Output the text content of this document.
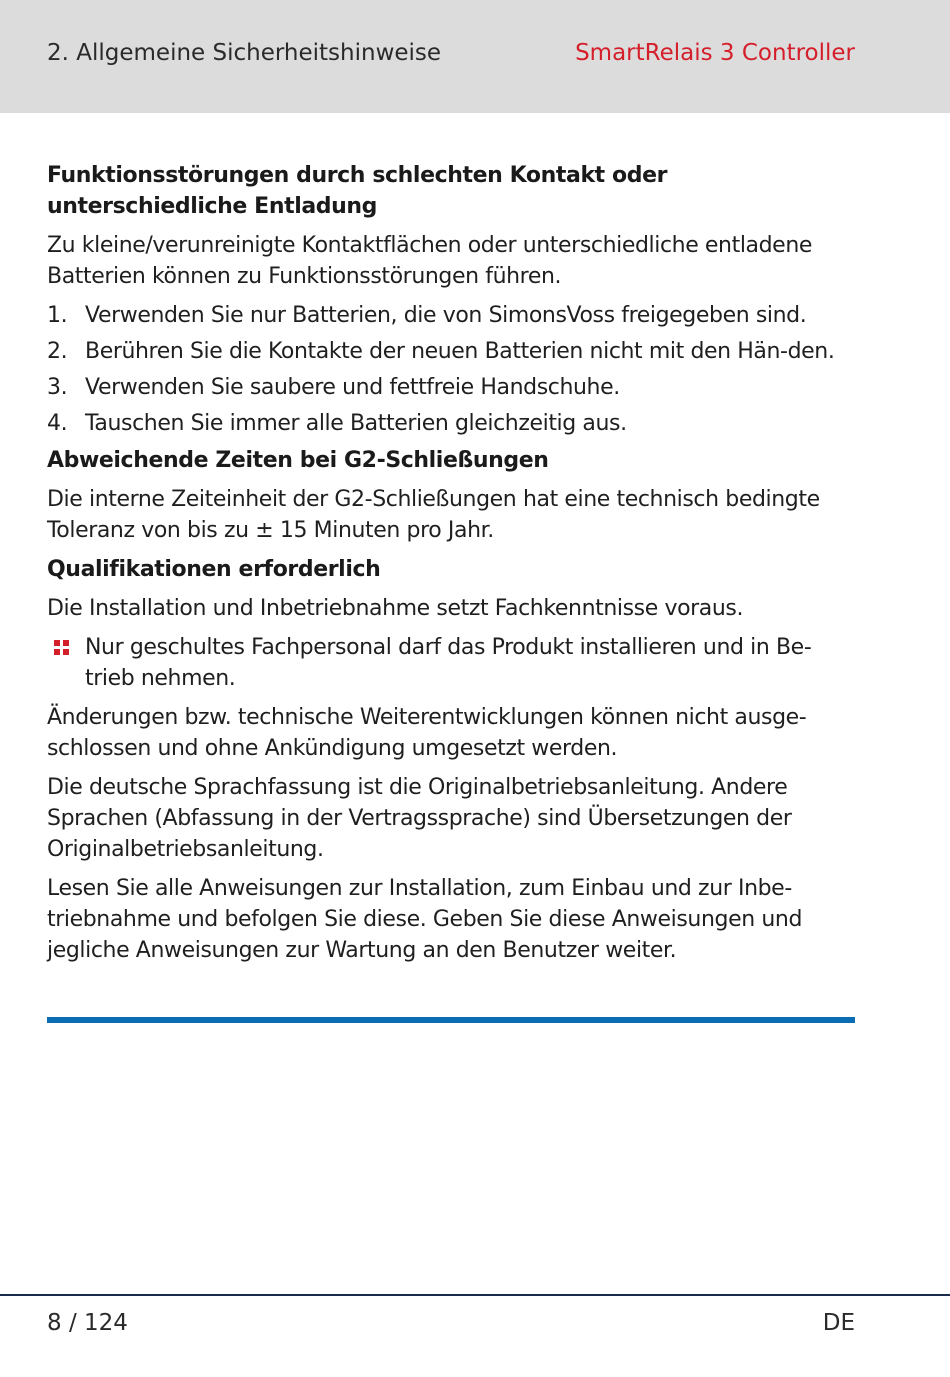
2. Allgemeine Sicherheitshinweise	SmartRelais 3 Controller
Funktionsstörungen durch schlechten Kontakt oder unterschiedliche Entladung

Zu kleine/verunreinigte Kontaktflächen oder unterschiedliche entladene Batterien können zu Funktionsstörungen führen.

1. Verwenden Sie nur Batterien, die von SimonsVoss freigegeben sind.
2. Berühren Sie die Kontakte der neuen Batterien nicht mit den Hän-den.
3. Verwenden Sie saubere und fettfreie Handschuhe.
4. Tauschen Sie immer alle Batterien gleichzeitig aus.
Abweichende Zeiten bei G2-Schließungen

Die interne Zeiteinheit der G2-Schließungen hat eine technisch bedingte Toleranz von bis zu ± 15 Minuten pro Jahr.

Qualifikationen erforderlich

Die Installation und Inbetriebnahme setzt Fachkenntnisse voraus.

Nur geschultes Fachpersonal darf das Produkt installieren und in Be-trieb nehmen.

Änderungen bzw. technische Weiterentwicklungen können nicht ausge-schlossen und ohne Ankündigung umgesetzt werden.

Die deutsche Sprachfassung ist die Originalbetriebsanleitung. Andere Sprachen (Abfassung in der Vertragssprache) sind Übersetzungen der Originalbetriebsanleitung.

Lesen Sie alle Anweisungen zur Installation, zum Einbau und zur Inbe-triebnahme und befolgen Sie diese. Geben Sie diese Anweisungen und jegliche Anweisungen zur Wartung an den Benutzer weiter.

8 / 124	DE
